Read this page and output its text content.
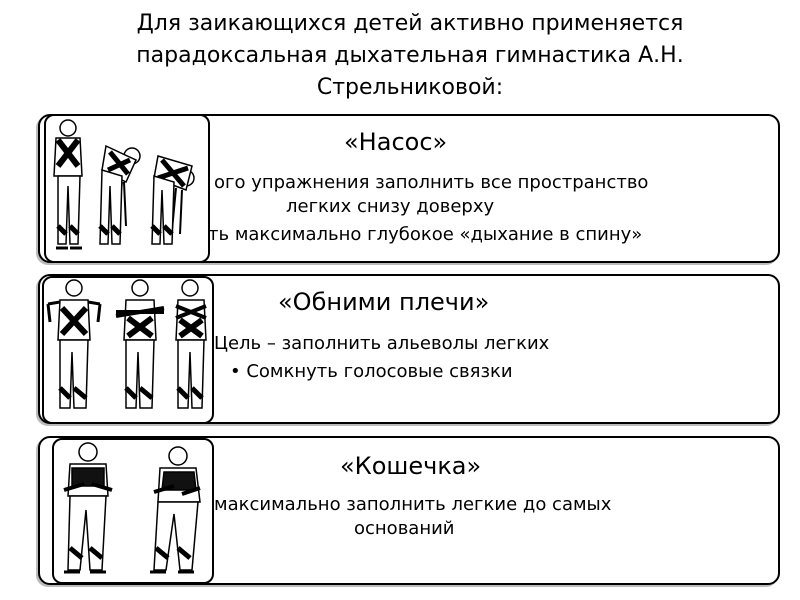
Для заикающихся детей активно применяется
парадоксальная дыхательная гимнастика А.Н.
Стрельниковой:
«Насос»
ого упражнения заполнить все пространство
легких снизу доверху
ть максимально глубокое «дыхание в спину»
«Обними плечи»
Цель – заполнить альеволы легких
• Сомкнуть голосовые связки
«Кошечка»
максимально заполнить легкие до самых
оснований
